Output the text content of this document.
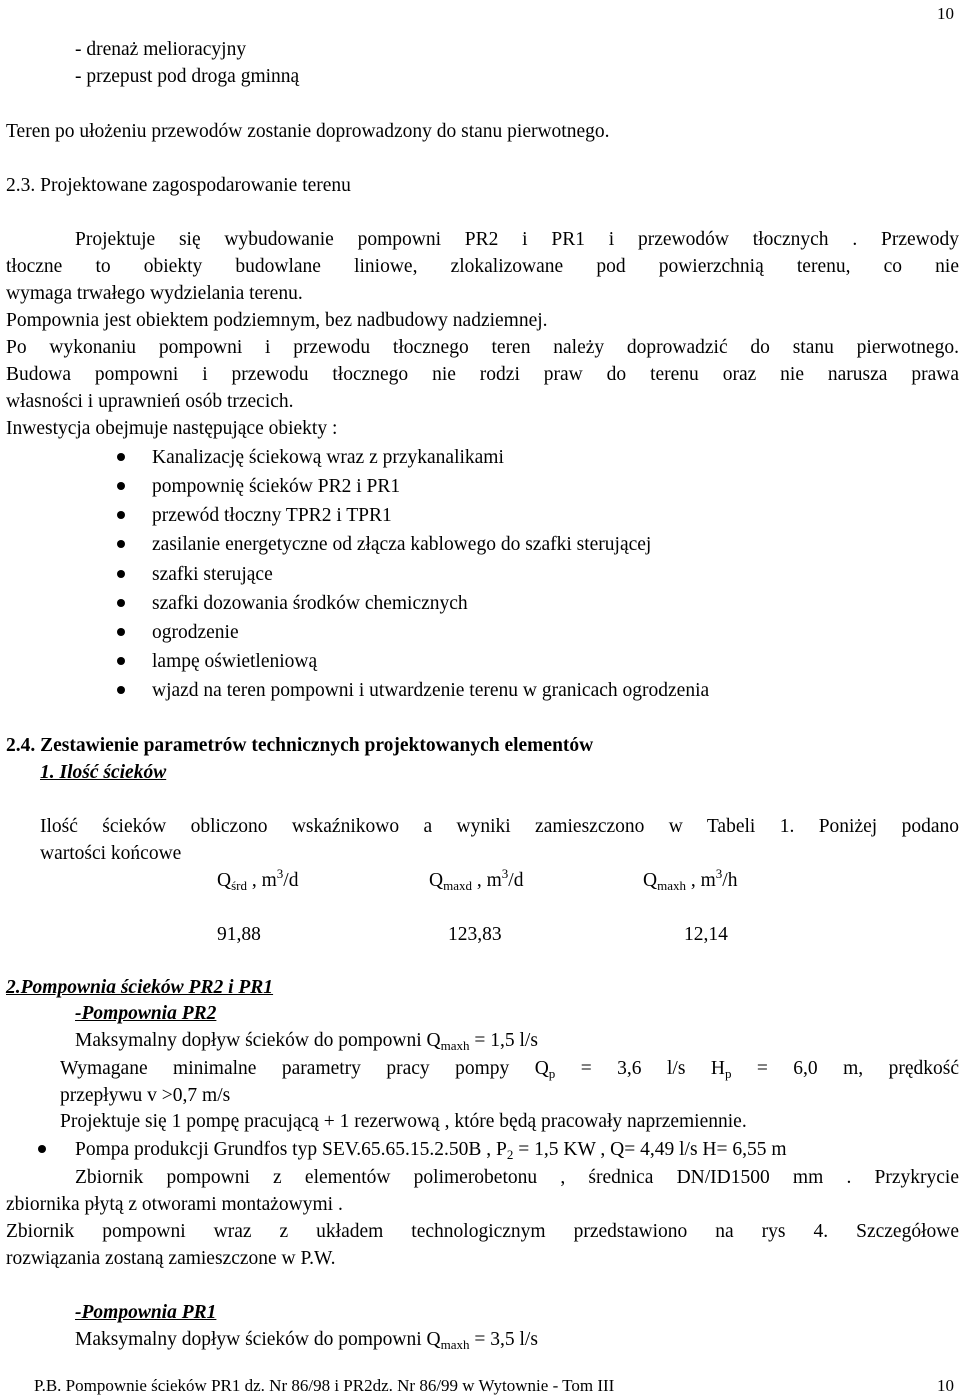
10
- drenaż melioracyjny
- przepust pod droga gminną
Teren po ułożeniu przewodów zostanie doprowadzony do stanu pierwotnego.
2.3. Projektowane zagospodarowanie terenu
Projektuje się wybudowanie pompowni PR2 i PR1 i przewodów tłocznych . Przewody
tłoczne to obiekty budowlane liniowe, zlokalizowane pod powierzchnią terenu, co nie
wymaga trwałego wydzielania terenu.
Pompownia jest obiektem podziemnym, bez nadbudowy nadziemnej.
Po wykonaniu pompowni i przewodu tłocznego teren należy doprowadzić do stanu pierwotnego.
Budowa pompowni i przewodu tłocznego nie rodzi praw do terenu oraz nie narusza prawa
własności i uprawnień osób trzecich.
Inwestycja obejmuje następujące obiekty :
Kanalizację ściekową wraz z przykanalikami
pompownię ścieków PR2 i PR1
przewód tłoczny TPR2 i TPR1
zasilanie energetyczne od złącza kablowego do szafki sterującej
szafki sterujące
szafki dozowania środków chemicznych
ogrodzenie
lampę oświetleniową
wjazd na teren pompowni i utwardzenie terenu w granicach ogrodzenia
2.4. Zestawienie parametrów technicznych projektowanych elementów
1. Ilość ścieków
Ilość ścieków obliczono wskaźnikowo a wyniki zamieszczono w Tabeli 1. Poniżej podano
wartości końcowe
$Q_{śrd}$ , $m^3/d$	$Q_{maxd}$ , $m^3/d$	$Q_{maxh}$ , $m^3/h$
91,88	123,83	12,14
2.Pompownia ścieków PR2 i PR1
-Pompownia PR2
Maksymalny dopływ ścieków do pompowni $Q_{maxh} = 1,5$ l/s
Wymagane minimalne parametry pracy pompy $Q_p = 3,6$ l/s $H_p = 6,0$ m, prędkość
przepływu v >0,7 m/s
Projektuje się 1 pompę pracującą + 1 rezerwową , które będą pracowały naprzemiennie.
Pompa produkcji Grundfos typ SEV.65.65.15.2.50B , $P_2 = 1,5$ KW , Q= 4,49 l/s H= 6,55 m
Zbiornik pompowni z elementów polimerobetonu , średnica DN/ID1500 mm . Przykrycie
zbiornika płytą z otworami montażowymi .
Zbiornik pompowni wraz z układem technologicznym przedstawiono na rys 4. Szczegółowe
rozwiązania zostaną zamieszczone w P.W.
-Pompownia PR1
Maksymalny dopływ ścieków do pompowni $Q_{maxh} = 3,5$ l/s
P.B. Pompownie ścieków PR1 dz. Nr 86/98 i PR2dz. Nr 86/99 w Wytownie - Tom III	10
